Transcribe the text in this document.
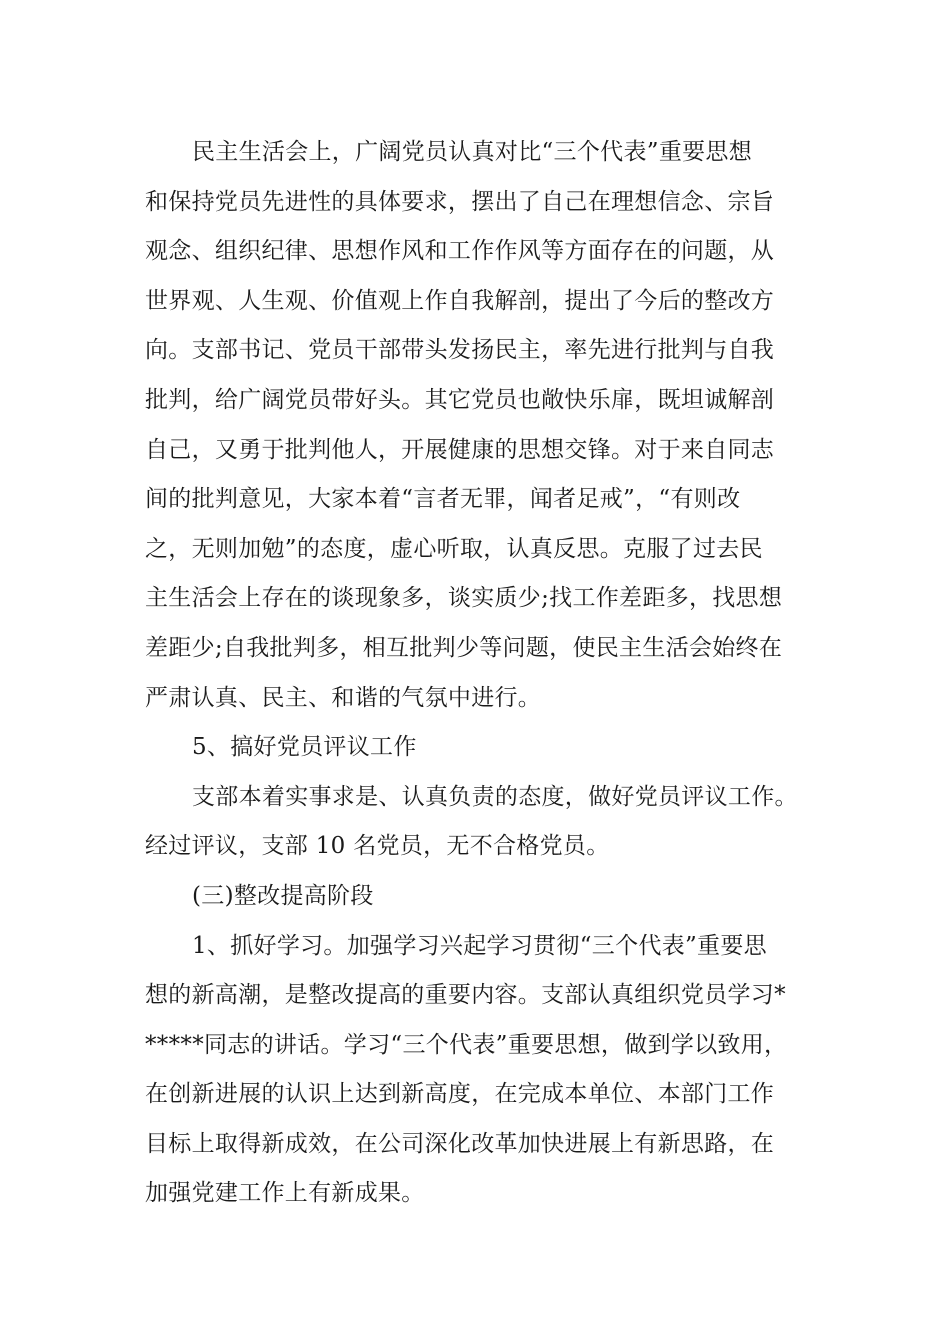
民主生活会上，广阔党员认真对比“三个代表”重要思想
和保持党员先进性的具体要求，摆出了自己在理想信念、宗旨
观念、组织纪律、思想作风和工作作风等方面存在的问题，从
世界观、人生观、价值观上作自我解剖，提出了今后的整改方
向。支部书记、党员干部带头发扬民主，率先进行批判与自我
批判，给广阔党员带好头。其它党员也敞快乐扉，既坦诚解剖
自己，又勇于批判他人，开展健康的思想交锋。对于来自同志
间的批判意见，大家本着“言者无罪，闻者足戒”，“有则改
之，无则加勉”的态度，虚心听取，认真反思。克服了过去民
主生活会上存在的谈现象多，谈实质少;找工作差距多，找思想
差距少;自我批判多，相互批判少等问题，使民主生活会始终在
严肃认真、民主、和谐的气氛中进行。
5、搞好党员评议工作
支部本着实事求是、认真负责的态度，做好党员评议工作。
经过评议，支部 10 名党员，无不合格党员。
(三)整改提高阶段
1、抓好学习。加强学习兴起学习贯彻“三个代表”重要思
想的新高潮，是整改提高的重要内容。支部认真组织党员学习*
*****同志的讲话。学习“三个代表”重要思想，做到学以致用，
在创新进展的认识上达到新高度，在完成本单位、本部门工作
目标上取得新成效，在公司深化改革加快进展上有新思路，在
加强党建工作上有新成果。
